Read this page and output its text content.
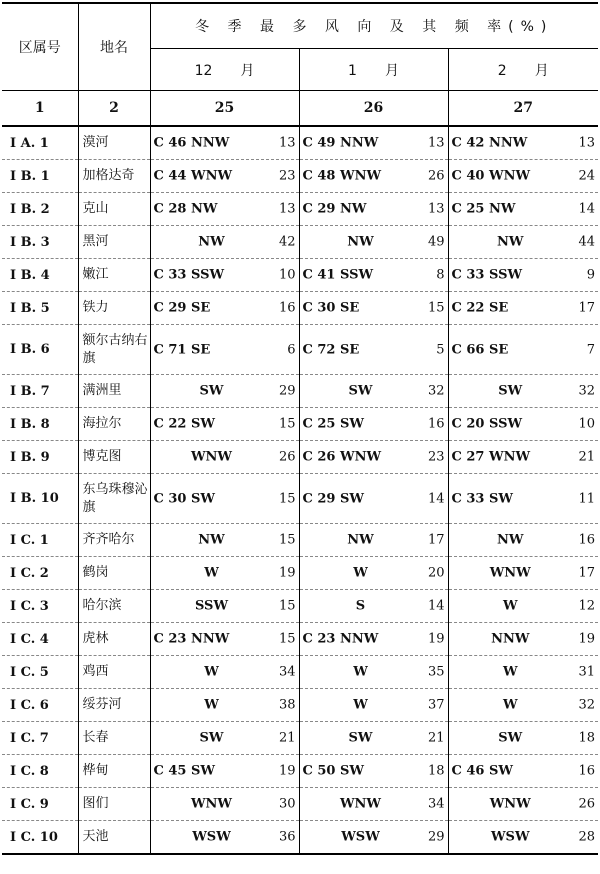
区属号	地名	冬 季 最 多 风 向 及 其 频 率(%)		
		12　　月	1　　月	2　　月
1	2	25	26	27
I A. 1	漠河	C 46 NNW 13	C 49 NNW 13	C 42 NNW 13

I B. 1	加格达奇	C 44 WNW 23	C 48 WNW 26	C 40 WNW 24

I B. 2	克山	C 28 NW 13	C 29 NW 13	C 25 NW 14

I B. 3	黑河	NW 42	NW 49	NW 44

I B. 4	嫩江	C 33 SSW 10	C 41 SSW 8	C 33 SSW 9

I B. 5	铁力	C 29 SE 16	C 30 SE 15	C 22 SE 17

I B. 6	额尔古纳右旗	C 71 SE 6	C 72 SE 5	C 66 SE 7

I B. 7	满洲里	SW 29	SW 32	SW 32

I B. 8	海拉尔	C 22 SW 15	C 25 SW 16	C 20 SSW 10

I B. 9	博克图	WNW 26	C 26 WNW 23	C 27 WNW 21

I B. 10	东乌珠穆沁旗	C 30 SW 15	C 29 SW 14	C 33 SW 11

I C. 1	齐齐哈尔	NW 15	NW 17	NW 16

I C. 2	鹤岗	W 19	W 20	WNW 17

I C. 3	哈尔滨	SSW 15	S 14	W 12

I C. 4	虎林	C 23 NNW 15	C 23 NNW 19	NNW 19

I C. 5	鸡西	W 34	W 35	W 31

I C. 6	绥芬河	W 38	W 37	W 32

I C. 7	长春	SW 21	SW 21	SW 18

I C. 8	桦甸	C 45 SW 19	C 50 SW 18	C 46 SW 16

I C. 9	图们	WNW 30	WNW 34	WNW 26

I C. 10	天池	WSW 36	WSW 29	WSW 28
